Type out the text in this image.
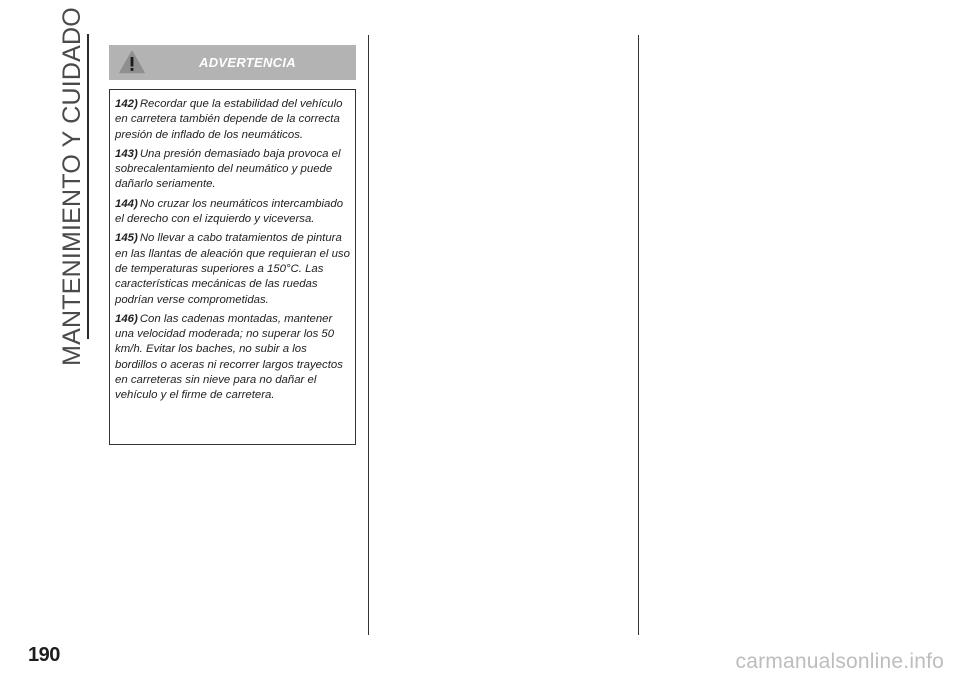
MANTENIMIENTO Y CUIDADO	ADVERTENCIA

142) Recordar que la estabilidad del vehículo en carretera también depende de la correcta presión de inflado de los neumáticos.

143) Una presión demasiado baja provoca el sobrecalentamiento del neumático y puede dañarlo seriamente.

144) No cruzar los neumáticos intercambiado el derecho con el izquierdo y viceversa.

145) No llevar a cabo tratamientos de pintura en las llantas de aleación que requieran el uso de temperaturas superiores a 150°C. Las características mecánicas de las ruedas podrían verse comprometidas.

146) Con las cadenas montadas, mantener una velocidad moderada; no superar los 50 km/h. Evitar los baches, no subir a los bordillos o aceras ni recorrer largos trayectos en carreteras sin nieve para no dañar el vehículo y el firme de carretera.

190	carmanualsonline.info
